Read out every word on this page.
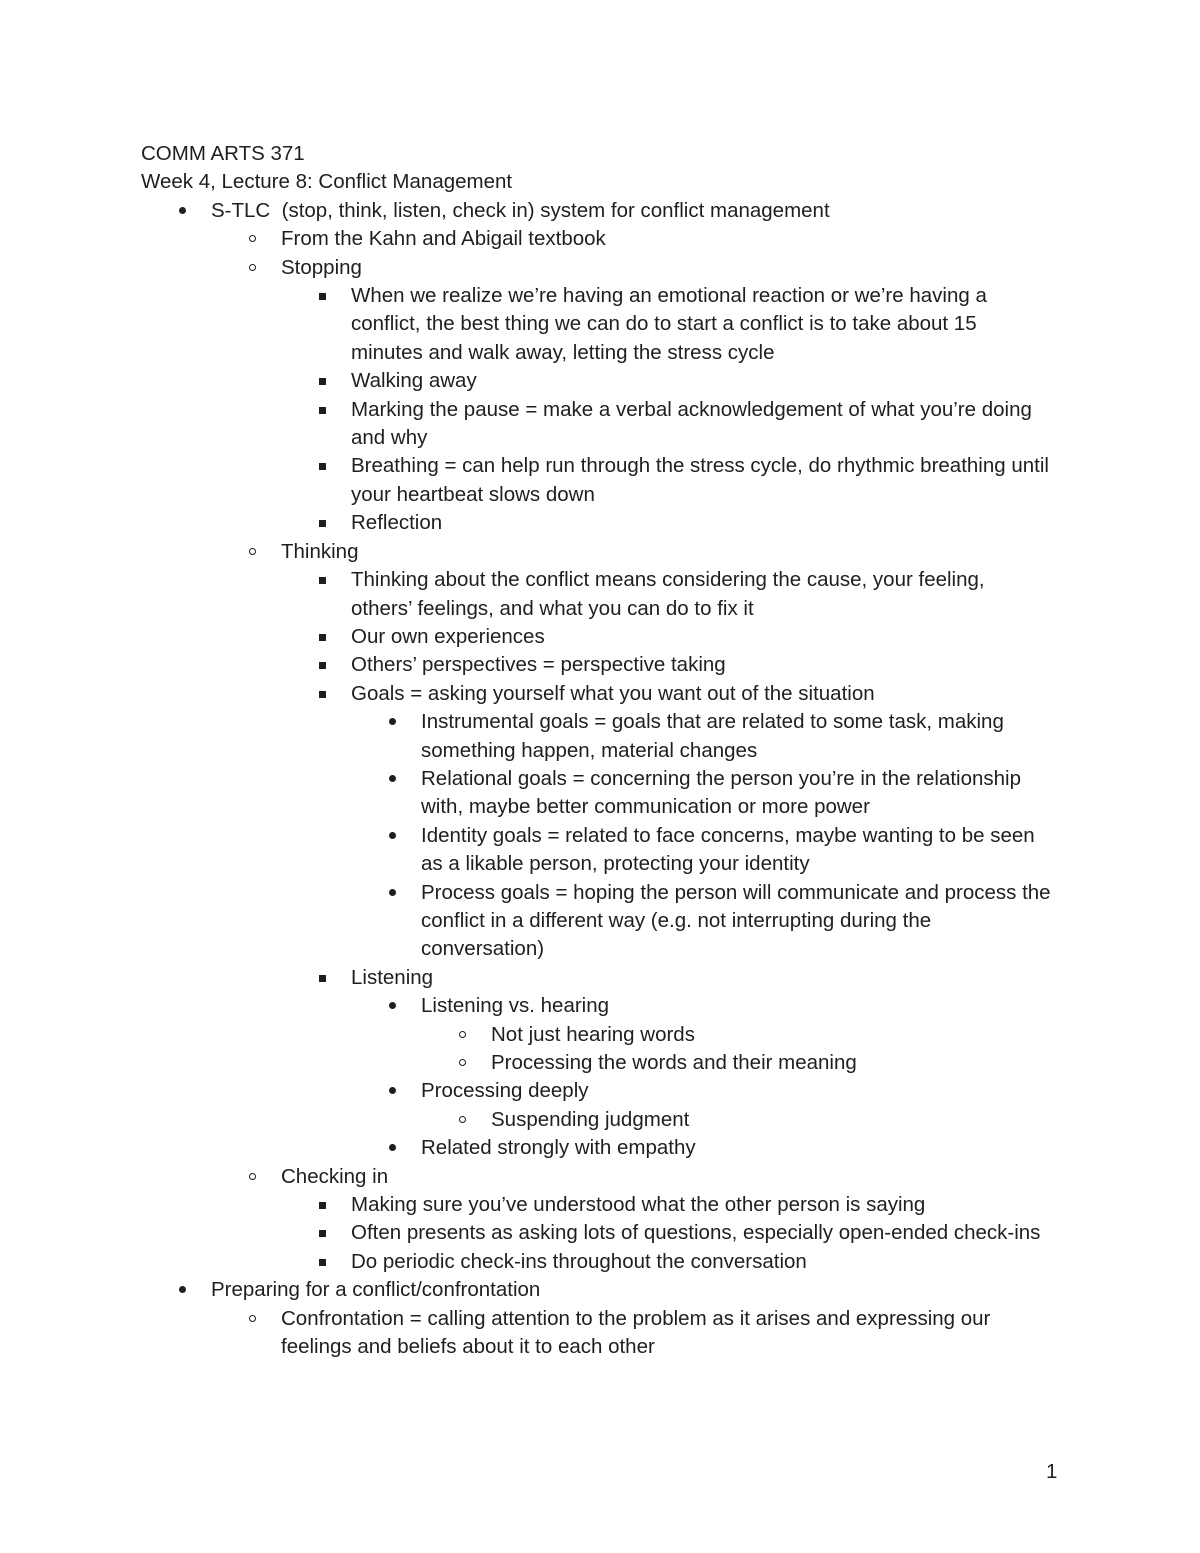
COMM ARTS 371

Week 4, Lecture 8: Conflict Management

S-TLC  (stop, think, listen, check in) system for conflict management
From the Kahn and Abigail textbook
Stopping
When we realize we’re having an emotional reaction or we’re having a conflict, the best thing we can do to start a conflict is to take about 15 minutes and walk away, letting the stress cycle
Walking away
Marking the pause = make a verbal acknowledgement of what you’re doing and why
Breathing = can help run through the stress cycle, do rhythmic breathing until your heartbeat slows down
Reflection
Thinking
Thinking about the conflict means considering the cause, your feeling, others’ feelings, and what you can do to fix it
Our own experiences
Others’ perspectives = perspective taking
Goals = asking yourself what you want out of the situation
Instrumental goals = goals that are related to some task, making something happen, material changes
Relational goals = concerning the person you’re in the relationship with, maybe better communication or more power
Identity goals = related to face concerns, maybe wanting to be seen as a likable person, protecting your identity
Process goals = hoping the person will communicate and process the conflict in a different way (e.g. not interrupting during the conversation)
Listening
Listening vs. hearing
Not just hearing words
Processing the words and their meaning
Processing deeply
Suspending judgment
Related strongly with empathy
Checking in
Making sure you’ve understood what the other person is saying
Often presents as asking lots of questions, especially open-ended check-ins
Do periodic check-ins throughout the conversation
Preparing for a conflict/confrontation
Confrontation = calling attention to the problem as it arises and expressing our feelings and beliefs about it to each other
1
